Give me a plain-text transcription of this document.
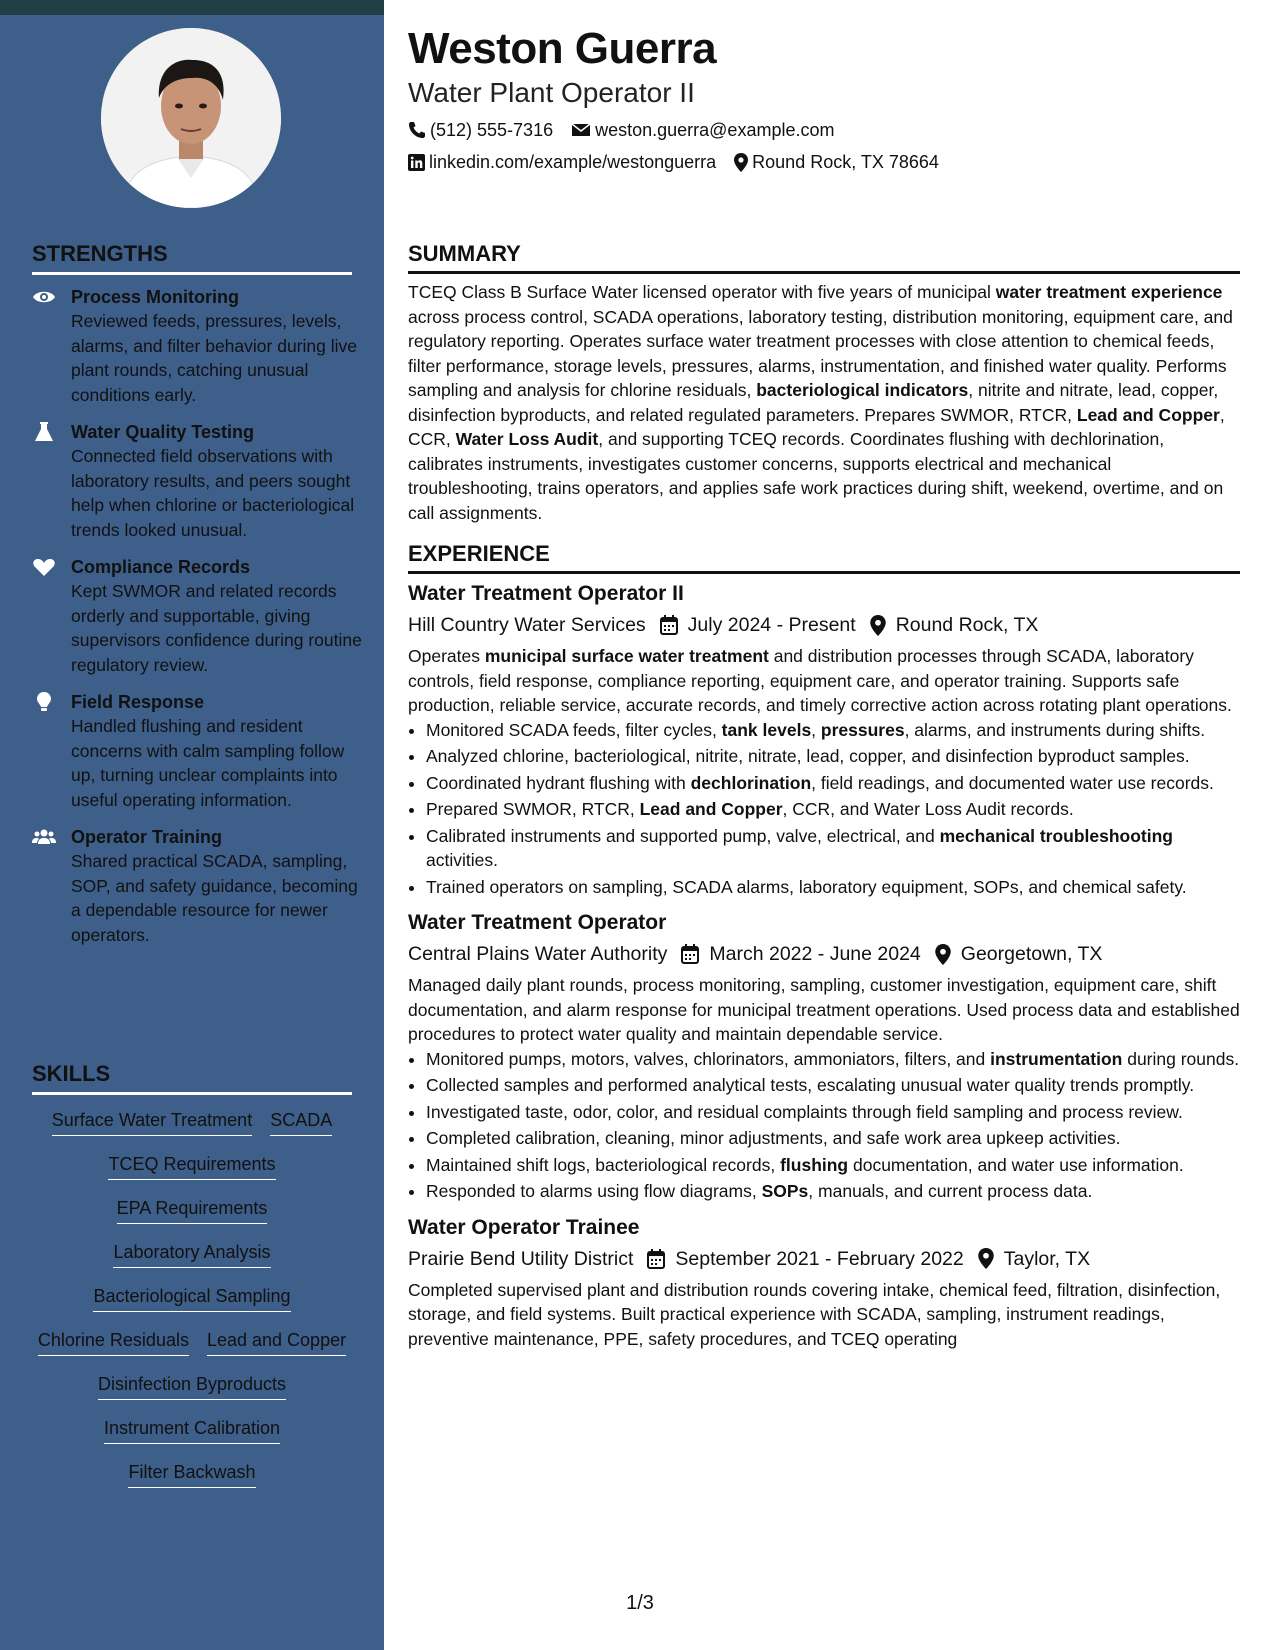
STRENGTHS
Process Monitoring
Reviewed feeds, pressures, levels, alarms, and filter behavior during live plant rounds, catching unusual conditions early.
Water Quality Testing
Connected field observations with laboratory results, and peers sought help when chlorine or bacteriological trends looked unusual.
Compliance Records
Kept SWMOR and related records orderly and supportable, giving supervisors confidence during routine regulatory review.
Field Response
Handled flushing and resident concerns with calm sampling follow up, turning unclear complaints into useful operating information.
Operator Training
Shared practical SCADA, sampling, SOP, and safety guidance, becoming a dependable resource for newer operators.
SKILLS
Surface Water Treatment SCADA
TCEQ Requirements
EPA Requirements
Laboratory Analysis
Bacteriological Sampling
Chlorine Residuals Lead and Copper
Disinfection Byproducts
Instrument Calibration
Filter Backwash
Weston Guerra
Water Plant Operator II
(512) 555-7316 weston.guerra@example.com
linkedin.com/example/westonguerra Round Rock, TX 78664
SUMMARY
TCEQ Class B Surface Water licensed operator with five years of municipal water treatment experience across process control, SCADA operations, laboratory testing, distribution monitoring, equipment care, and regulatory reporting. Operates surface water treatment processes with close attention to chemical feeds, filter performance, storage levels, pressures, alarms, instrumentation, and finished water quality. Performs sampling and analysis for chlorine residuals, bacteriological indicators, nitrite and nitrate, lead, copper, disinfection byproducts, and related regulated parameters. Prepares SWMOR, RTCR, Lead and Copper, CCR, Water Loss Audit, and supporting TCEQ records. Coordinates flushing with dechlorination, calibrates instruments, investigates customer concerns, supports electrical and mechanical troubleshooting, trains operators, and applies safe work practices during shift, weekend, overtime, and on call assignments.
EXPERIENCE
Water Treatment Operator II
Hill Country Water Services July 2024 - Present Round Rock, TX
Operates municipal surface water treatment and distribution processes through SCADA, laboratory controls, field response, compliance reporting, equipment care, and operator training. Supports safe production, reliable service, accurate records, and timely corrective action across rotating plant operations.
• Monitored SCADA feeds, filter cycles, tank levels, pressures, alarms, and instruments during shifts.
• Analyzed chlorine, bacteriological, nitrite, nitrate, lead, copper, and disinfection byproduct samples.
• Coordinated hydrant flushing with dechlorination, field readings, and documented water use records.
• Prepared SWMOR, RTCR, Lead and Copper, CCR, and Water Loss Audit records.
• Calibrated instruments and supported pump, valve, electrical, and mechanical troubleshooting activities.
• Trained operators on sampling, SCADA alarms, laboratory equipment, SOPs, and chemical safety.
Water Treatment Operator
Central Plains Water Authority March 2022 - June 2024 Georgetown, TX
Managed daily plant rounds, process monitoring, sampling, customer investigation, equipment care, shift documentation, and alarm response for municipal treatment operations. Used process data and established procedures to protect water quality and maintain dependable service.
• Monitored pumps, motors, valves, chlorinators, ammoniators, filters, and instrumentation during rounds.
• Collected samples and performed analytical tests, escalating unusual water quality trends promptly.
• Investigated taste, odor, color, and residual complaints through field sampling and process review.
• Completed calibration, cleaning, minor adjustments, and safe work area upkeep activities.
• Maintained shift logs, bacteriological records, flushing documentation, and water use information.
• Responded to alarms using flow diagrams, SOPs, manuals, and current process data.
Water Operator Trainee
Prairie Bend Utility District September 2021 - February 2022 Taylor, TX
Completed supervised plant and distribution rounds covering intake, chemical feed, filtration, disinfection, storage, and field systems. Built practical experience with SCADA, sampling, instrument readings, preventive maintenance, PPE, safety procedures, and TCEQ operating
1/3
